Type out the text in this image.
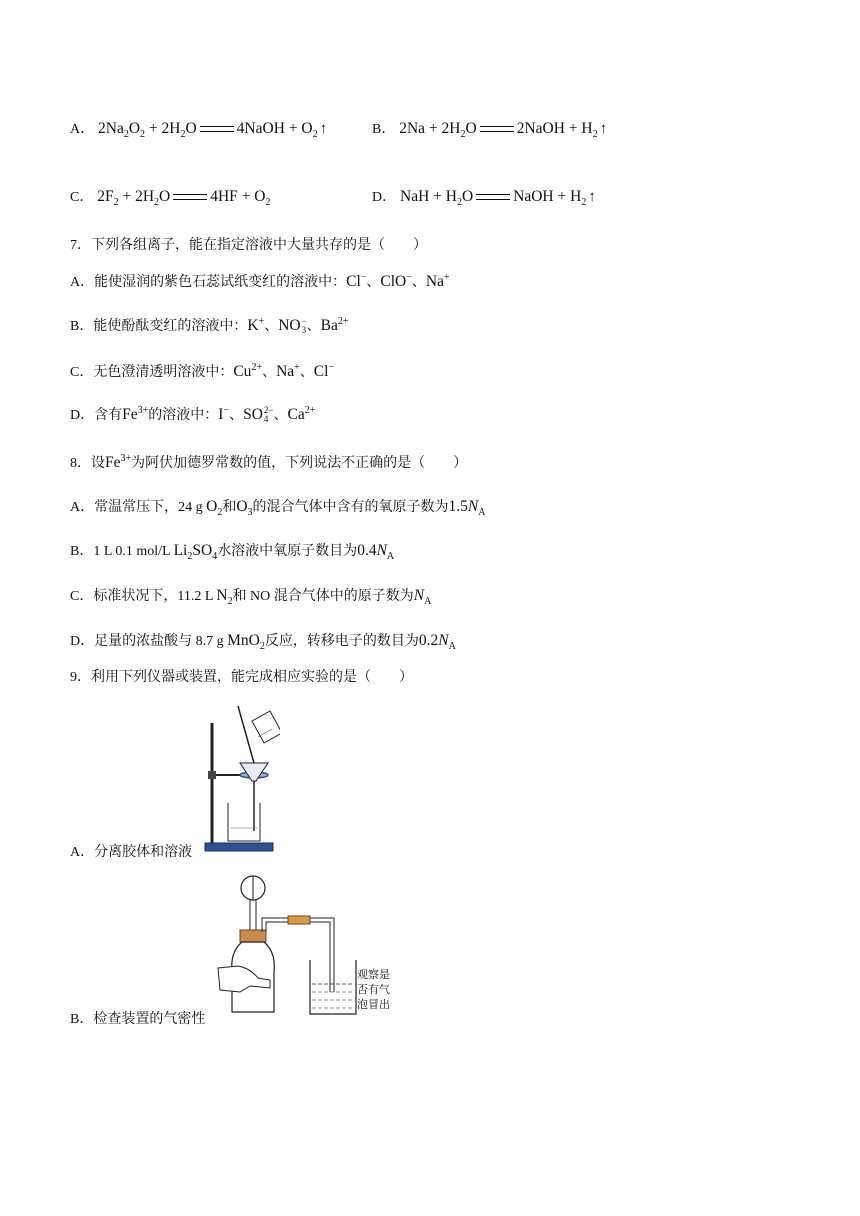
A． $2Na_2O_2 + 2H_2O$	4NaOH + $O_2$ ↑	B． $2Na + 2H_2O$	2NaOH + $H_2$ ↑
C． $2F_2 + 2H_2O$	$4HF + O_2$	D． NaH + $H_2O$	NaOH + $H_2$ ↑
7．下列各组离子，能在指定溶液中大量共存的是（　　）
A．能使湿润的紫色石蕊试纸变红的溶液中：Cl−、ClO−、Na+
B．能使酚酞变红的溶液中：K+、NO −
3 、$Ba^{2+}$
C．无色澄清透明溶液中：$Cu^{2+}$、Na+、Cl−
D．含有$Fe^{3+}$的溶液中：I−、SO 2−
4 、$Ca^{2+}$
8．设$Fe^{3+}$为阿伏加德罗常数的值，下列说法不正确的是（　　）
A．常温常压下，24 g $O_2$和$O_3$的混合气体中含有的氧原子数为$1.5N_A$
B．1 L 0.1 mol/L $Li_2SO_4$水溶液中氧原子数目为$0.4N_A$
C．标准状况下，11.2 L $N_2$和 NO 混合气体中的原子数为$N_A$
D．足量的浓盐酸与 8.7 g MnO$_2$反应，转移电子的数目为$0.2N_A$
9．利用下列仪器或装置，能完成相应实验的是（　　）
A．分离胶体和溶液
观察是
否有气
泡冒出
B．检查装置的气密性
